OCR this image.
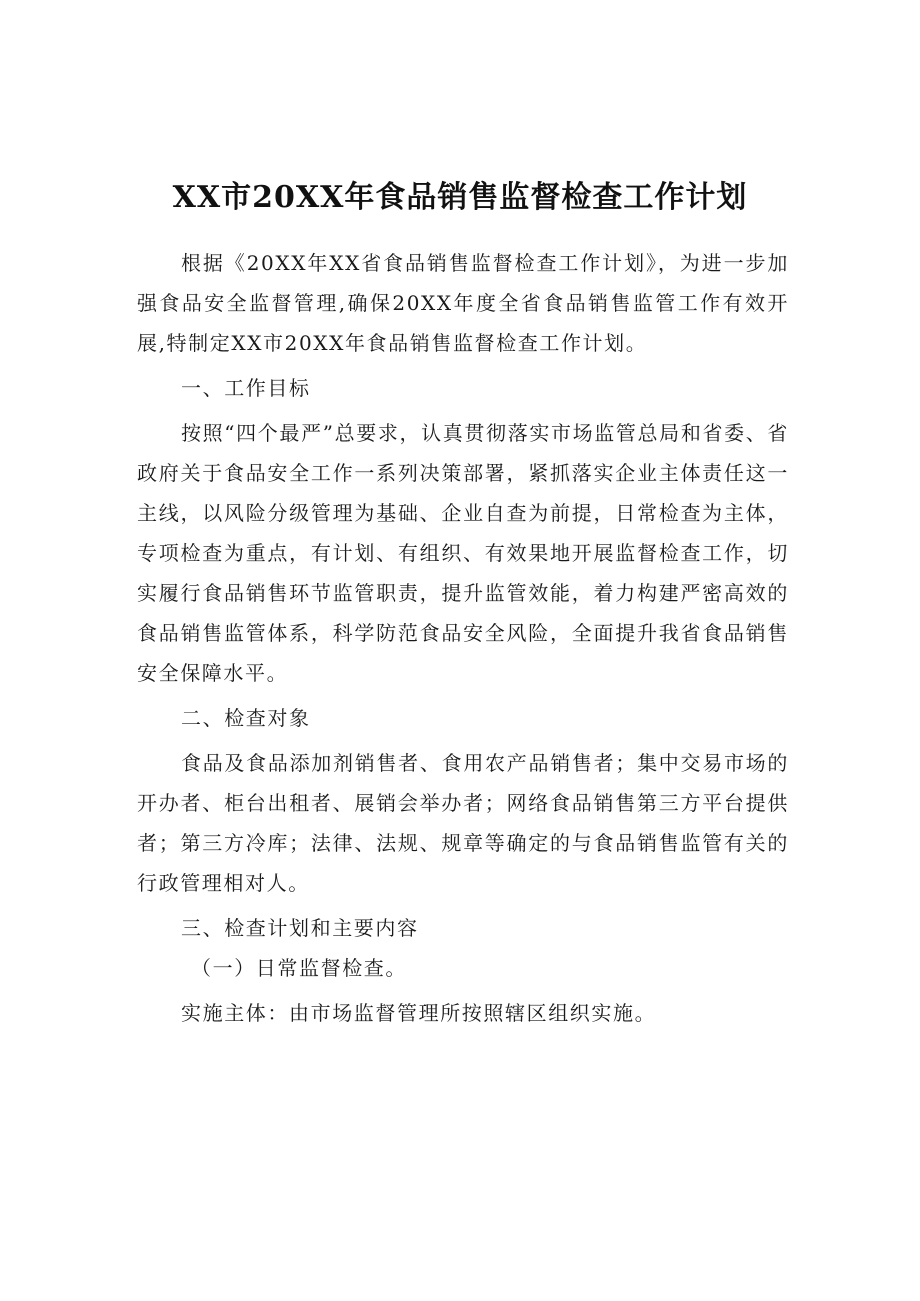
XX市20XX年食品销售监督检查工作计划

根据《20XX年XX省食品销售监督检查工作计划》，为进一步加强食品安全监督管理,确保20XX年度全省食品销售监管工作有效开展,特制定XX市20XX年食品销售监督检查工作计划。

一、工作目标

按照“四个最严”总要求，认真贯彻落实市场监管总局和省委、省政府关于食品安全工作一系列决策部署，紧抓落实企业主体责任这一主线，以风险分级管理为基础、企业自查为前提，日常检查为主体，专项检查为重点，有计划、有组织、有效果地开展监督检查工作，切实履行食品销售环节监管职责，提升监管效能，着力构建严密高效的食品销售监管体系，科学防范食品安全风险，全面提升我省食品销售安全保障水平。

二、检查对象

食品及食品添加剂销售者、食用农产品销售者；集中交易市场的开办者、柜台出租者、展销会举办者；网络食品销售第三方平台提供者；第三方冷库；法律、法规、规章等确定的与食品销售监管有关的行政管理相对人。

三、检查计划和主要内容

（一）日常监督检查。

实施主体：由市场监督管理所按照辖区组织实施。
